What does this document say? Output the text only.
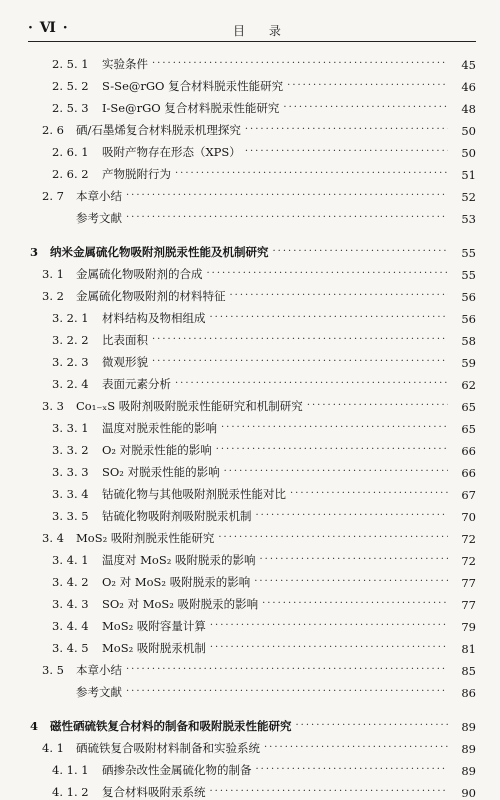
· Ⅵ ·	目 录
2. 5. 1 实验条件 ·····	45
2. 5. 2 S-Se@rGO 复合材料脱汞性能研究 ·····	46
2. 5. 3 I-Se@rGO 复合材料脱汞性能研究 ·····	48
2. 6 硒/石墨烯复合材料脱汞机理探究 ·····	50
2. 6. 1 吸附产物存在形态（XPS） ·····	50
2. 6. 2 产物脱附行为 ·····	51
2. 7 本章小结 ·····	52
参考文献 ·····	53
3 纳米金属硫化物吸附剂脱汞性能及机制研究 ·····	55
3. 1 金属硫化物吸附剂的合成 ·····	55
3. 2 金属硫化物吸附剂的材料特征 ·····	56
3. 2. 1 材料结构及物相组成 ·····	56
3. 2. 2 比表面积 ·····	58
3. 2. 3 微观形貌 ·····	59
3. 2. 4 表面元素分析 ·····	62
3. 3 Co₁₋ₓS 吸附剂吸附脱汞性能研究和机制研究 ·····	65
3. 3. 1 温度对脱汞性能的影响 ·····	65
3. 3. 2 O₂ 对脱汞性能的影响 ·····	66
3. 3. 3 SO₂ 对脱汞性能的影响 ·····	66
3. 3. 4 钴硫化物与其他吸附剂脱汞性能对比 ·····	67
3. 3. 5 钴硫化物吸附剂吸附脱汞机制 ·····	70
3. 4 MoS₂ 吸附剂脱汞性能研究 ·····	72
3. 4. 1 温度对 MoS₂ 吸附脱汞的影响 ·····	72
3. 4. 2 O₂ 对 MoS₂ 吸附脱汞的影响 ·····	77
3. 4. 3 SO₂ 对 MoS₂ 吸附脱汞的影响 ·····	77
3. 4. 4 MoS₂ 吸附容量计算 ·····	79
3. 4. 5 MoS₂ 吸附脱汞机制 ·····	81
3. 5 本章小结 ·····	85
参考文献 ·····	86
4 磁性硒硫铁复合材料的制备和吸附脱汞性能研究 ·····	89
4. 1 硒硫铁复合吸附材料制备和实验系统 ·····	89
4. 1. 1 硒掺杂改性金属硫化物的制备 ·····	89
4. 1. 2 复合材料吸附汞系统 ·····	90
